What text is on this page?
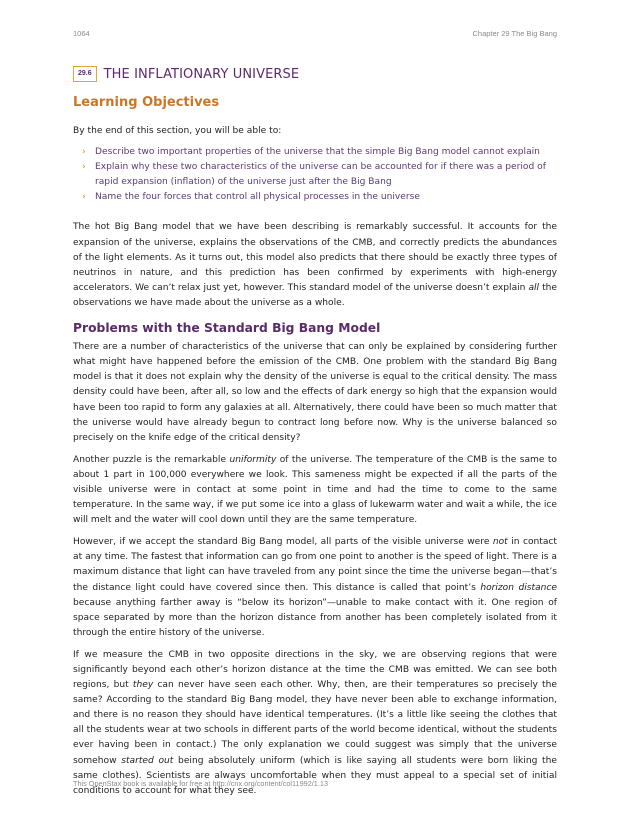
1064	Chapter 29 The Big Bang
29.6 THE INFLATIONARY UNIVERSE
Learning Objectives

By the end of this section, you will be able to:

› Describe two important properties of the universe that the simple Big Bang model cannot explain
› Explain why these two characteristics of the universe can be accounted for if there was a period of rapid expansion (inflation) of the universe just after the Big Bang
› Name the four forces that control all physical processes in the universe

The hot Big Bang model that we have been describing is remarkably successful. It accounts for the expansion of the universe, explains the observations of the CMB, and correctly predicts the abundances of the light elements. As it turns out, this model also predicts that there should be exactly three types of neutrinos in nature, and this prediction has been confirmed by experiments with high-energy accelerators. We can’t relax just yet, however. This standard model of the universe doesn’t explain all the observations we have made about the universe as a whole.

Problems with the Standard Big Bang Model

There are a number of characteristics of the universe that can only be explained by considering further what might have happened before the emission of the CMB. One problem with the standard Big Bang model is that it does not explain why the density of the universe is equal to the critical density. The mass density could have been, after all, so low and the effects of dark energy so high that the expansion would have been too rapid to form any galaxies at all. Alternatively, there could have been so much matter that the universe would have already begun to contract long before now. Why is the universe balanced so precisely on the knife edge of the critical density?

Another puzzle is the remarkable uniformity of the universe. The temperature of the CMB is the same to about 1 part in 100,000 everywhere we look. This sameness might be expected if all the parts of the visible universe were in contact at some point in time and had the time to come to the same temperature. In the same way, if we put some ice into a glass of lukewarm water and wait a while, the ice will melt and the water will cool down until they are the same temperature.

However, if we accept the standard Big Bang model, all parts of the visible universe were not in contact at any time. The fastest that information can go from one point to another is the speed of light. There is a maximum distance that light can have traveled from any point since the time the universe began—that’s the distance light could have covered since then. This distance is called that point’s horizon distance because anything farther away is “below its horizon”—unable to make contact with it. One region of space separated by more than the horizon distance from another has been completely isolated from it through the entire history of the universe.

If we measure the CMB in two opposite directions in the sky, we are observing regions that were significantly beyond each other’s horizon distance at the time the CMB was emitted. We can see both regions, but they can never have seen each other. Why, then, are their temperatures so precisely the same? According to the standard Big Bang model, they have never been able to exchange information, and there is no reason they should have identical temperatures. (It’s a little like seeing the clothes that all the students wear at two schools in different parts of the world become identical, without the students ever having been in contact.) The only explanation we could suggest was simply that the universe somehow started out being absolutely uniform (which is like saying all students were born liking the same clothes). Scientists are always uncomfortable when they must appeal to a special set of initial conditions to account for what they see.

This OpenStax book is available for free at http://cnx.org/content/col11992/1.13
